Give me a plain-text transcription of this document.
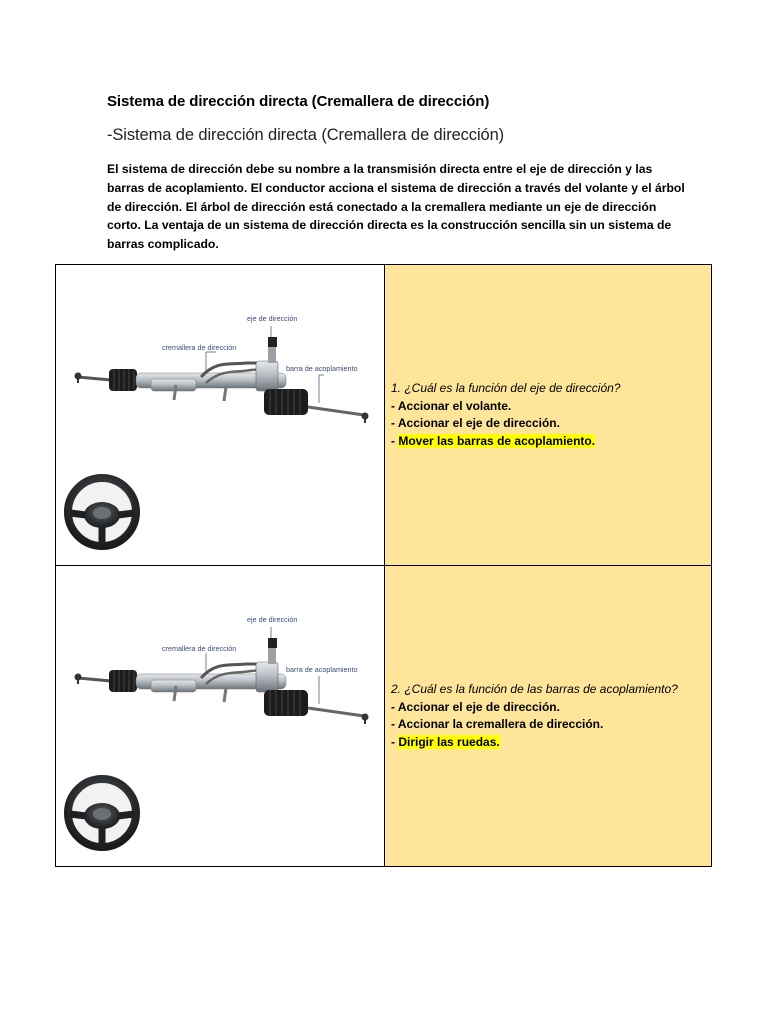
Sistema de dirección directa (Cremallera de dirección)
-Sistema de dirección directa (Cremallera de dirección)
El sistema de dirección debe su nombre a la transmisión directa entre el eje de dirección y las
barras de acoplamiento. El conductor acciona el sistema de dirección a través del volante y el árbol
de dirección. El árbol de dirección está conectado a la cremallera mediante un eje de dirección
corto. La ventaja de un sistema de dirección directa es la construcción sencilla sin un sistema de
barras complicado.
eje de dirección
cremallera de dirección
barra de acoplamiento
1. ¿Cuál es la función del eje de dirección?
- Accionar el volante.
- Accionar el eje de dirección.
- Mover las barras de acoplamiento.
eje de dirección
cremallera de dirección
barra de acoplamiento
2. ¿Cuál es la función de las barras de acoplamiento?
- Accionar el eje de dirección.
- Accionar la cremallera de dirección.
- Dirigir las ruedas.
